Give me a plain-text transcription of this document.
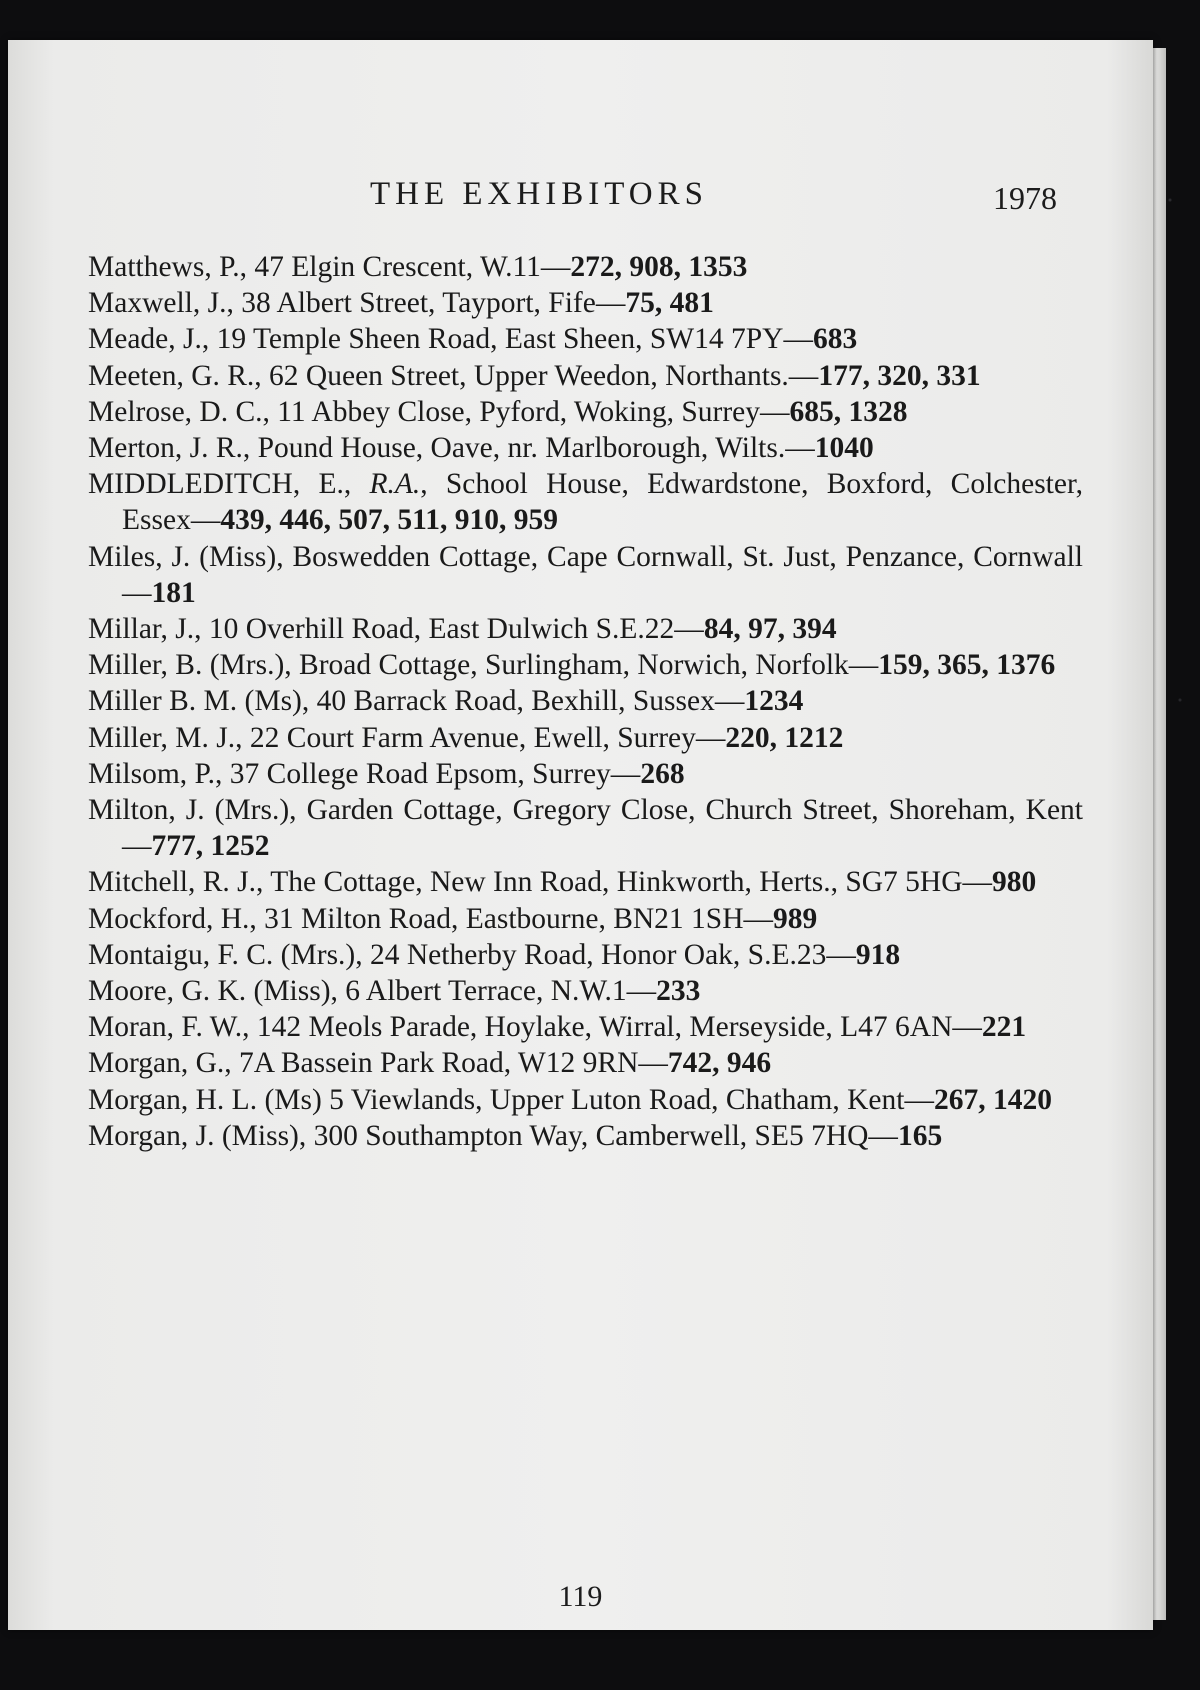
THE EXHIBITORS	1978

Matthews, P., 47 Elgin Crescent, W.11—272, 908, 1353

Maxwell, J., 38 Albert Street, Tayport, Fife—75, 481

Meade, J., 19 Temple Sheen Road, East Sheen, SW14 7PY—683

Meeten, G. R., 62 Queen Street, Upper Weedon, Northants.—177, 320, 331

Melrose, D. C., 11 Abbey Close, Pyford, Woking, Surrey—685, 1328

Merton, J. R., Pound House, Oave, nr. Marlborough, Wilts.—1040

MIDDLEDITCH, E., R.A., School House, Edwardstone, Boxford, Colchester, Essex—439, 446, 507, 511, 910, 959

Miles, J. (Miss), Boswedden Cottage, Cape Cornwall, St. Just, Penzance, Cornwall—181

Millar, J., 10 Overhill Road, East Dulwich S.E.22—84, 97, 394

Miller, B. (Mrs.), Broad Cottage, Surlingham, Norwich, Norfolk—159, 365, 1376

Miller B. M. (Ms), 40 Barrack Road, Bexhill, Sussex—1234

Miller, M. J., 22 Court Farm Avenue, Ewell, Surrey—220, 1212

Milsom, P., 37 College Road Epsom, Surrey—268

Milton, J. (Mrs.), Garden Cottage, Gregory Close, Church Street, Shoreham, Kent—777, 1252

Mitchell, R. J., The Cottage, New Inn Road, Hinkworth, Herts., SG7 5HG—980

Mockford, H., 31 Milton Road, Eastbourne, BN21 1SH—989

Montaigu, F. C. (Mrs.), 24 Netherby Road, Honor Oak, S.E.23—918

Moore, G. K. (Miss), 6 Albert Terrace, N.W.1—233

Moran, F. W., 142 Meols Parade, Hoylake, Wirral, Merseyside, L47 6AN—221

Morgan, G., 7A Bassein Park Road, W12 9RN—742, 946

Morgan, H. L. (Ms) 5 Viewlands, Upper Luton Road, Chatham, Kent—267, 1420

Morgan, J. (Miss), 300 Southampton Way, Camberwell, SE5 7HQ—165

119
